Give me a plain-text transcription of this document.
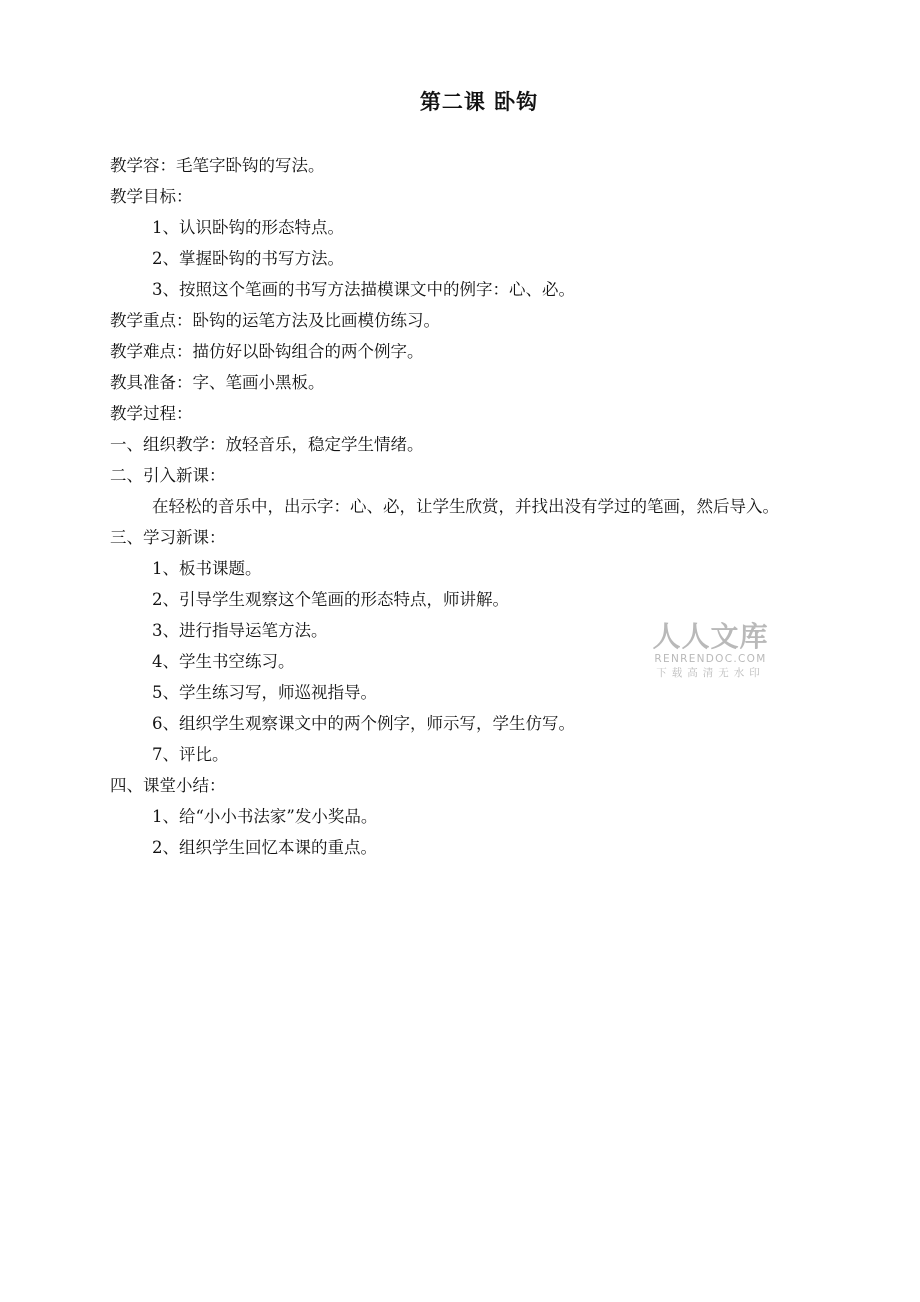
第二课 卧钩

教学容：毛笔字卧钩的写法。

教学目标：

1、认识卧钩的形态特点。

2、掌握卧钩的书写方法。

3、按照这个笔画的书写方法描模课文中的例字：心、必。

教学重点：卧钩的运笔方法及比画模仿练习。

教学难点：描仿好以卧钩组合的两个例字。

教具准备：字、笔画小黑板。

教学过程：

一、组织教学：放轻音乐，稳定学生情绪。

二、引入新课：

在轻松的音乐中，出示字：心、必，让学生欣赏，并找出没有学过的笔画，然后导入。

三、学习新课：

1、板书课题。

2、引导学生观察这个笔画的形态特点，师讲解。

3、进行指导运笔方法。

4、学生书空练习。

5、学生练习写，师巡视指导。

6、组织学生观察课文中的两个例字，师示写，学生仿写。

7、评比。

四、课堂小结：

1、给“小小书法家”发小奖品。

2、组织学生回忆本课的重点。

人人文库
RENRENDOC.COM
下载高清无水印
